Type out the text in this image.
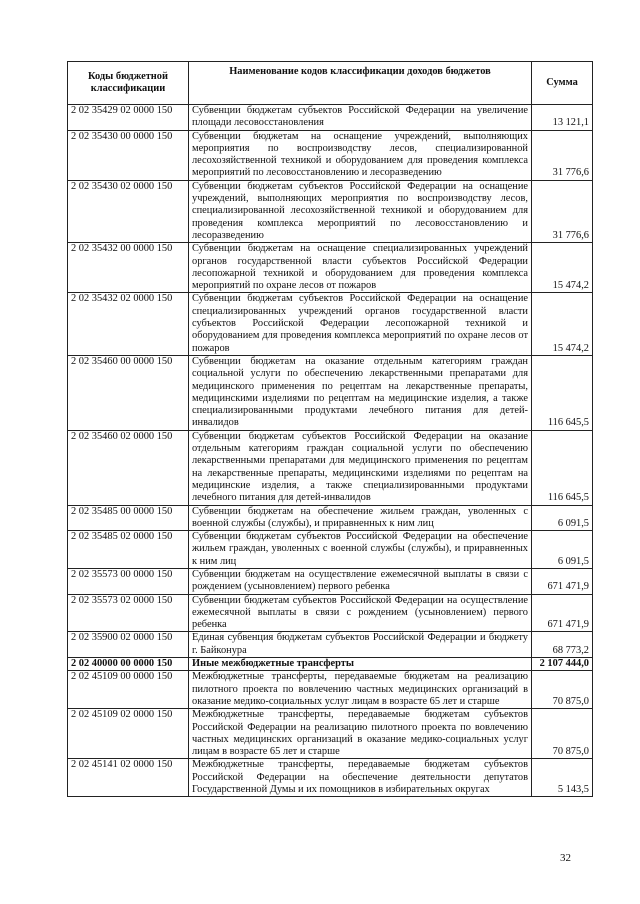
Коды бюджетной классификации	Наименование кодов классификации доходов бюджетов	Сумма
2 02 35429 02 0000 150	Субвенции бюджетам субъектов Российской Федерации на увеличение площади лесовосстановления	13 121,1
2 02 35430 00 0000 150	Субвенции бюджетам на оснащение учреждений, выполняющих мероприятия по воспроизводству лесов, специализированной лесохозяйственной техникой и оборудованием для проведения комплекса мероприятий по лесовосстановлению и лесоразведению	31 776,6
2 02 35430 02 0000 150	Субвенции бюджетам субъектов Российской Федерации на оснащение учреждений, выполняющих мероприятия по воспроизводству лесов, специализированной лесохозяйственной техникой и оборудованием для проведения комплекса мероприятий по лесовосстановлению и лесоразведению	31 776,6
2 02 35432 00 0000 150	Субвенции бюджетам на оснащение специализированных учреждений органов государственной власти субъектов Российской Федерации лесопожарной техникой и оборудованием для проведения комплекса мероприятий по охране лесов от пожаров	15 474,2
2 02 35432 02 0000 150	Субвенции бюджетам субъектов Российской Федерации на оснащение специализированных учреждений органов государственной власти субъектов Российской Федерации лесопожарной техникой и оборудованием для проведения комплекса мероприятий по охране лесов от пожаров	15 474,2
2 02 35460 00 0000 150	Субвенции бюджетам на оказание отдельным категориям граждан социальной услуги по обеспечению лекарственными препаратами для медицинского применения по рецептам на лекарственные препараты, медицинскими изделиями по рецептам на медицинские изделия, а также специализированными продуктами лечебного питания для детей-инвалидов	116 645,5
2 02 35460 02 0000 150	Субвенции бюджетам субъектов Российской Федерации на оказание отдельным категориям граждан социальной услуги по обеспечению лекарственными препаратами для медицинского применения по рецептам на лекарственные препараты, медицинскими изделиями по рецептам на медицинские изделия, а также специализированными продуктами лечебного питания для детей-инвалидов	116 645,5
2 02 35485 00 0000 150	Субвенции бюджетам на обеспечение жильем граждан, уволенных с военной службы (службы), и приравненных к ним лиц	6 091,5
2 02 35485 02 0000 150	Субвенции бюджетам субъектов Российской Федерации на обеспечение жильем граждан, уволенных с военной службы (службы), и приравненных к ним лиц	6 091,5
2 02 35573 00 0000 150	Субвенции бюджетам на осуществление ежемесячной выплаты в связи с рождением (усыновлением) первого ребенка	671 471,9
2 02 35573 02 0000 150	Субвенции бюджетам субъектов Российской Федерации на осуществление ежемесячной выплаты в связи с рождением (усыновлением) первого ребенка	671 471,9
2 02 35900 02 0000 150	Единая субвенция бюджетам субъектов Российской Федерации и бюджету г. Байконура	68 773,2
2 02 40000 00 0000 150	Иные межбюджетные трансферты	2 107 444,0
2 02 45109 00 0000 150	Межбюджетные трансферты, передаваемые бюджетам на реализацию пилотного проекта по вовлечению частных медицинских организаций в оказание медико-социальных услуг лицам в возрасте 65 лет и старше	70 875,0
2 02 45109 02 0000 150	Межбюджетные трансферты, передаваемые бюджетам субъектов Российской Федерации на реализацию пилотного проекта по вовлечению частных медицинских организаций в оказание медико-социальных услуг лицам в возрасте 65 лет и старше	70 875,0
2 02 45141 02 0000 150	Межбюджетные трансферты, передаваемые бюджетам субъектов Российской Федерации на обеспечение деятельности депутатов Государственной Думы и их помощников в избирательных округах	5 143,5
32
